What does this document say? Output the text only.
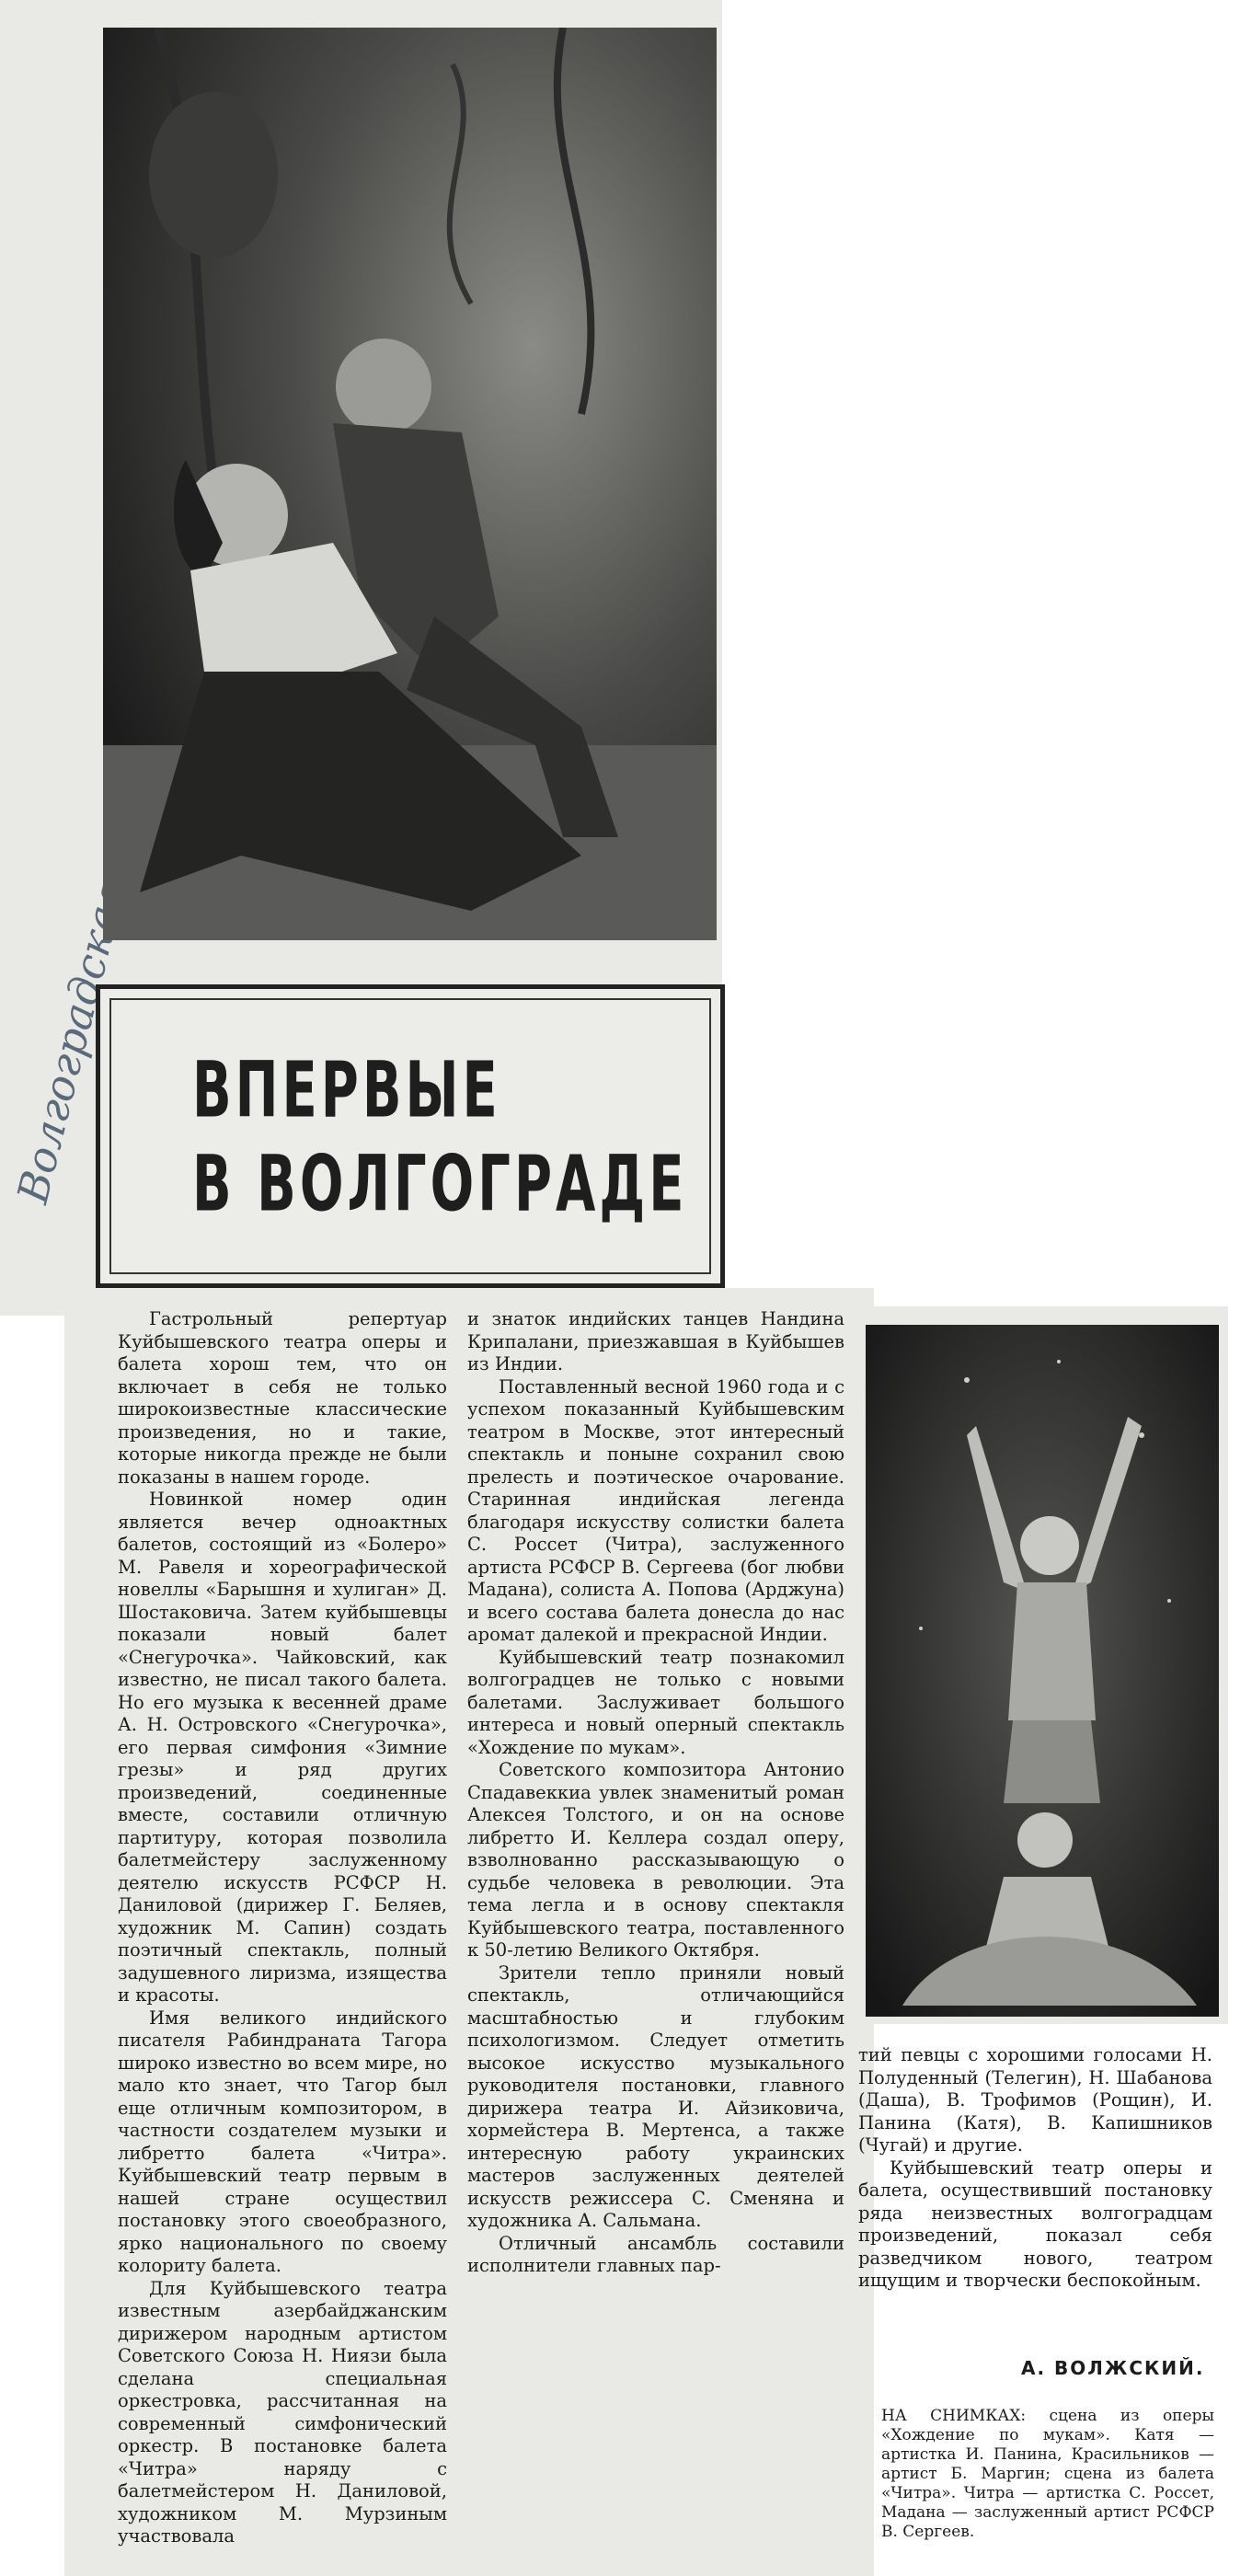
Волгоградская	ВПЕРВЫЕ
В ВОЛГОГРАДЕ

Гастрольный репертуар Куйбышевского театра оперы и балета хорош тем, что он включает в себя не только широкоизвестные классические произведения, но и такие, которые никогда прежде не были показаны в нашем городе.

Новинкой номер один является вечер одноактных балетов, состоящий из «Болеро» М. Равеля и хореографической новеллы «Барышня и хулиган» Д. Шостаковича. Затем куйбышевцы показали новый балет «Снегурочка». Чайковский, как известно, не писал такого балета. Но его музыка к весенней драме А. Н. Островского «Снегурочка», его первая симфония «Зимние грезы» и ряд других произведений, соединенные вместе, составили отличную партитуру, которая позволила балетмейстеру заслуженному деятелю искусств РСФСР Н. Даниловой (дирижер Г. Беляев, художник М. Сапин) создать поэтичный спектакль, полный задушевного лиризма, изящества и красоты.

Имя великого индийского писателя Рабиндраната Тагора широко известно во всем мире, но мало кто знает, что Тагор был еще отличным композитором, в частности создателем музыки и либретто балета «Читра». Куйбышевский театр первым в нашей стране осуществил постановку этого своеобразного, ярко национального по своему колориту балета.

Для Куйбышевского театра известным азербайджанским дирижером народным артистом Советского Союза Н. Ниязи была сделана специальная оркестровка, рассчитанная на современный симфонический оркестр. В постановке балета «Читра» наряду с балетмейстером Н. Даниловой, художником М. Мурзиным участвовала

и знаток индийских танцев Нандина Крипалани, приезжавшая в Куйбышев из Индии.

Поставленный весной 1960 года и с успехом показанный Куйбышевским театром в Москве, этот интересный спектакль и поныне сохранил свою прелесть и поэтическое очарование. Старинная индийская легенда благодаря искусству солистки балета С. Россет (Читра), заслуженного артиста РСФСР В. Сергеева (бог любви Мадана), солиста А. Попова (Арджуна) и всего состава балета донесла до нас аромат далекой и прекрасной Индии.

Куйбышевский театр познакомил волгоградцев не только с новыми балетами. Заслуживает большого интереса и новый оперный спектакль «Хождение по мукам».

Советского композитора Антонио Спадавеккиа увлек знаменитый роман Алексея Толстого, и он на основе либретто И. Келлера создал оперу, взволнованно рассказывающую о судьбе человека в революции. Эта тема легла и в основу спектакля Куйбышевского театра, поставленного к 50-летию Великого Октября.

Зрители тепло приняли новый спектакль, отличающийся масштабностью и глубоким психологизмом. Следует отметить высокое искусство музыкального руководителя постановки, главного дирижера театра И. Айзиковича, хормейстера В. Мертенса, а также интересную работу украинских мастеров заслуженных деятелей искусств режиссера С. Сменяна и художника А. Сальмана.

Отличный ансамбль составили исполнители главных пар-

тий певцы с хорошими голосами Н. Полуденный (Телегин), Н. Шабанова (Даша), В. Трофимов (Рощин), И. Панина (Катя), В. Капишников (Чугай) и другие.

Куйбышевский театр оперы и балета, осуществивший постановку ряда неизвестных волгоградцам произведений, показал себя разведчиком нового, театром ищущим и творчески беспокойным.

А. ВОЛЖСКИЙ.
НА СНИМКАХ: сцена из оперы «Хождение по мукам». Катя — артистка И. Панина, Красильников — артист Б. Маргин; сцена из балета «Читра». Читра — артистка С. Россет, Мадана — заслуженный артист РСФСР В. Сергеев.
